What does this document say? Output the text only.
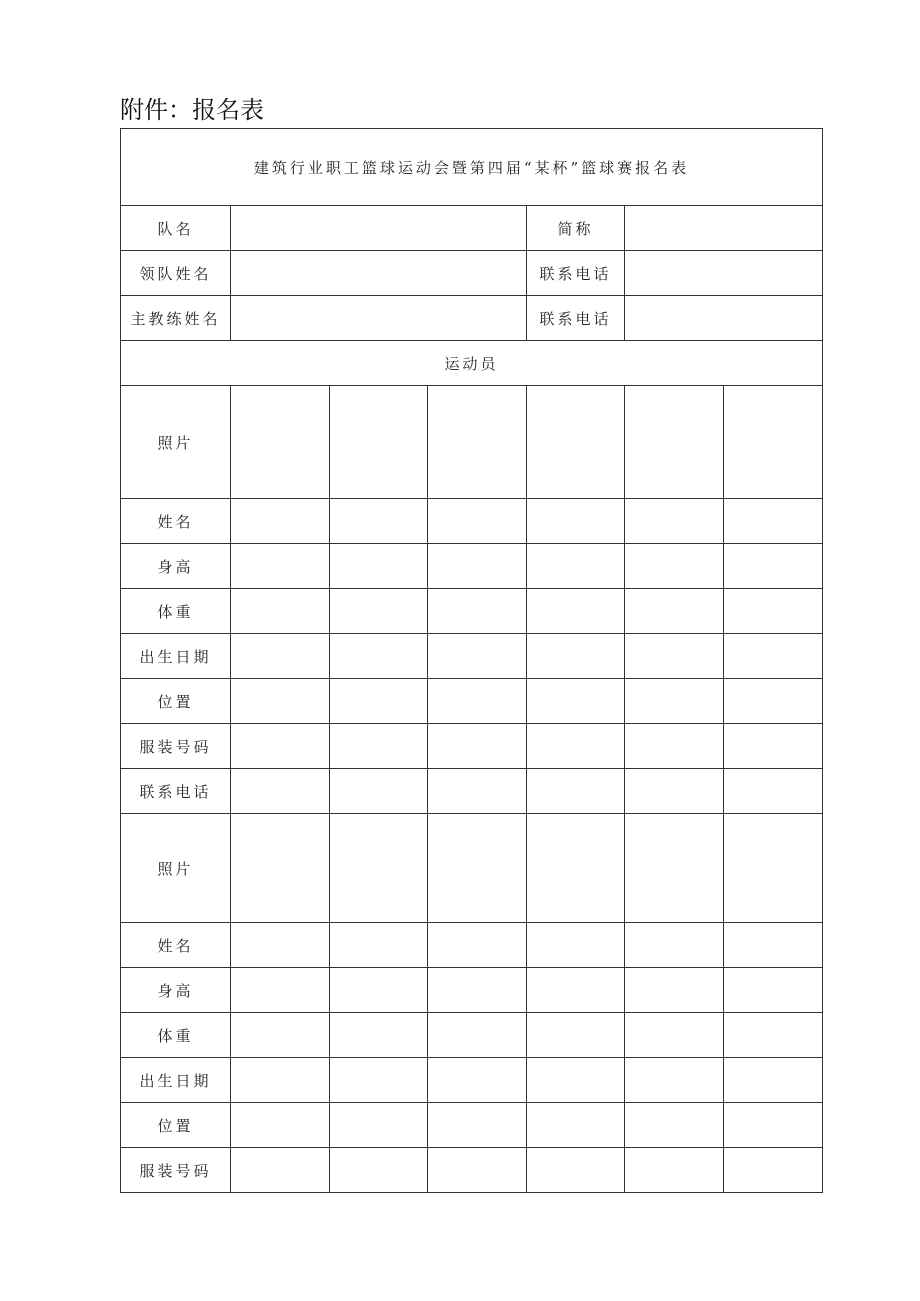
附件：报名表
建筑行业职工篮球运动会暨第四届“某杯”篮球赛报名表						
队名				简称		
领队姓名				联系电话		
主教练姓名				联系电话		
运动员						
照片						
姓名						
身高						
体重						
出生日期						
位置						
服装号码						
联系电话						
照片						
姓名						
身高						
体重						
出生日期						
位置						
服装号码						
